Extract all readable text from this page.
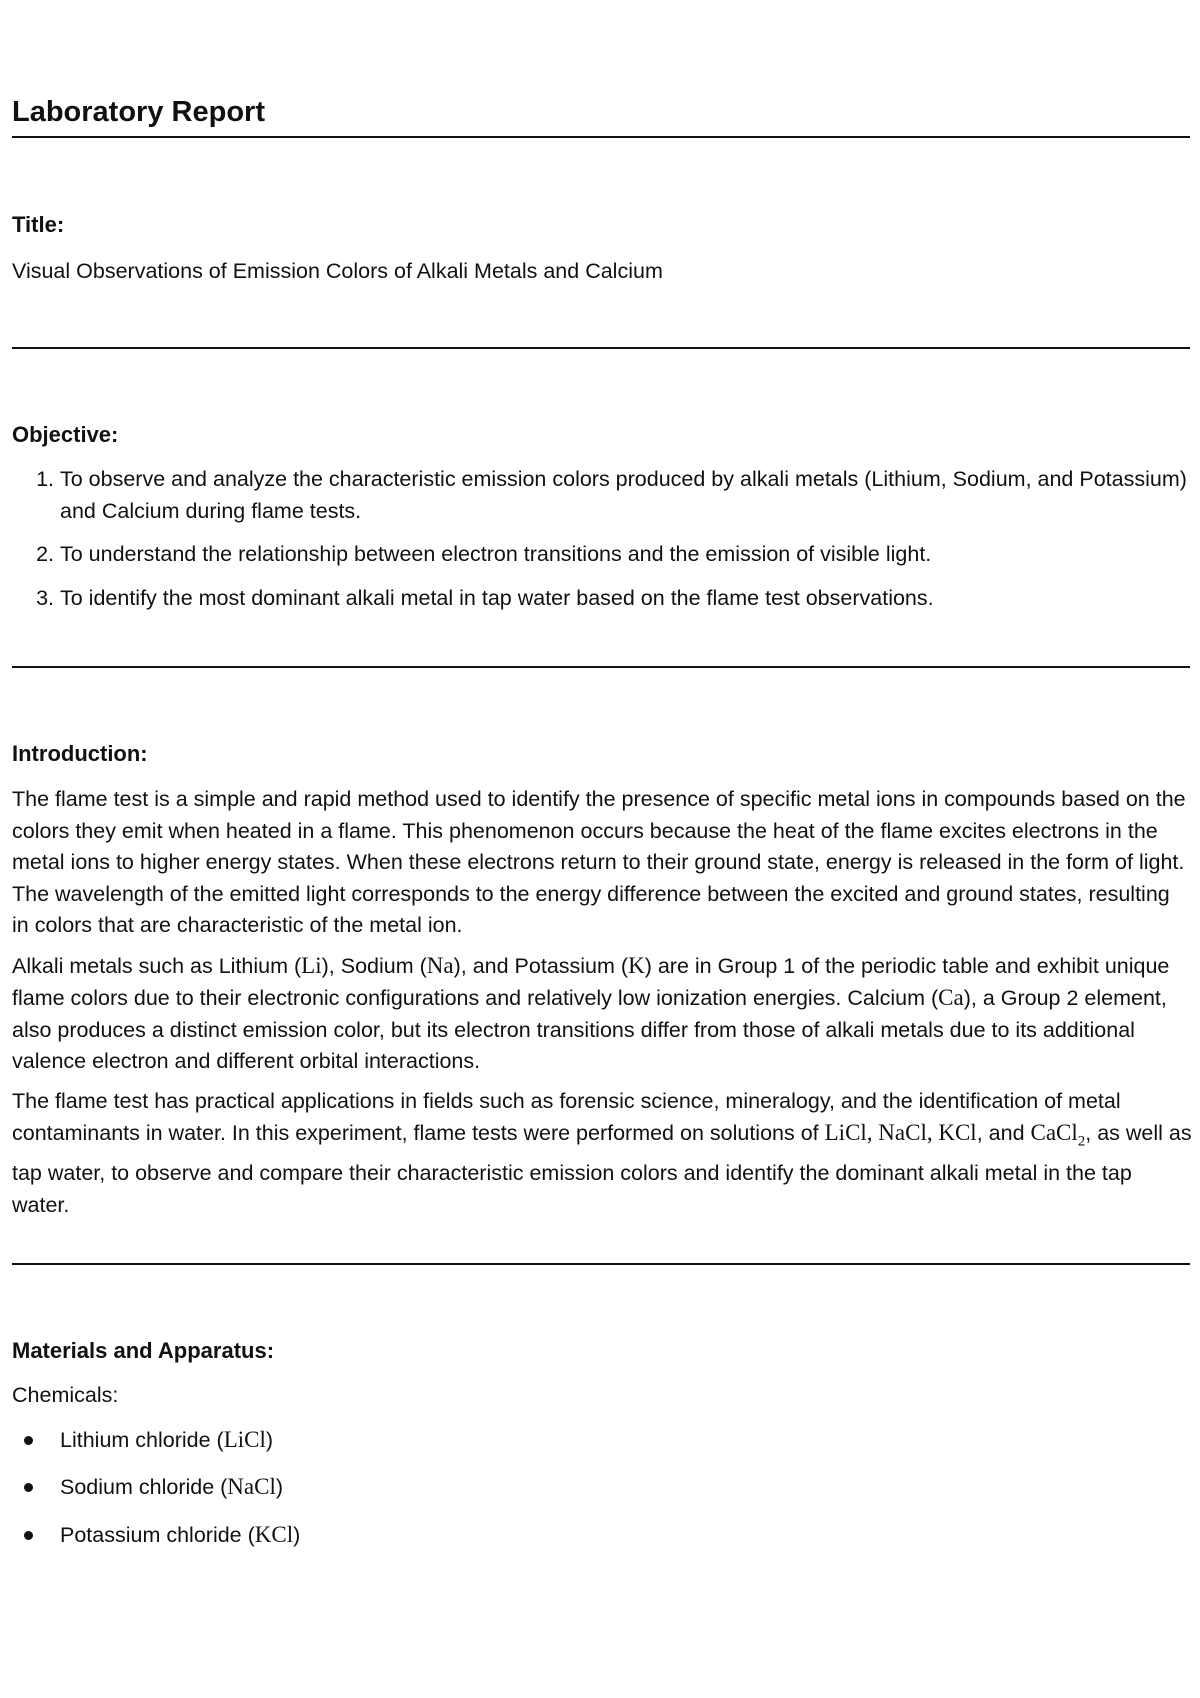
Laboratory Report
Title:

Visual Observations of Emission Colors of Alkali Metals and Calcium

Objective:
1. To observe and analyze the characteristic emission colors produced by alkali metals (Lithium, Sodium, and Potassium) and Calcium during flame tests.
2. To understand the relationship between electron transitions and the emission of visible light.
3. To identify the most dominant alkali metal in tap water based on the flame test observations.
Introduction:

The flame test is a simple and rapid method used to identify the presence of specific metal ions in compounds based on the colors they emit when heated in a flame. This phenomenon occurs because the heat of the flame excites electrons in the metal ions to higher energy states. When these electrons return to their ground state, energy is released in the form of light. The wavelength of the emitted light corresponds to the energy difference between the excited and ground states, resulting in colors that are characteristic of the metal ion.

Alkali metals such as Lithium (Li), Sodium (Na), and Potassium (K) are in Group 1 of the periodic table and exhibit unique flame colors due to their electronic configurations and relatively low ionization energies. Calcium (Ca), a Group 2 element, also produces a distinct emission color, but its electron transitions differ from those of alkali metals due to its additional valence electron and different orbital interactions.

The flame test has practical applications in fields such as forensic science, mineralogy, and the identification of metal contaminants in water. In this experiment, flame tests were performed on solutions of LiCl, NaCl, KCl, and CaCl$_2$, as well as tap water, to observe and compare their characteristic emission colors and identify the dominant alkali metal in the tap water.

Materials and Apparatus:

Chemicals:

Lithium chloride (LiCl)
Sodium chloride (NaCl)
Potassium chloride (KCl)
